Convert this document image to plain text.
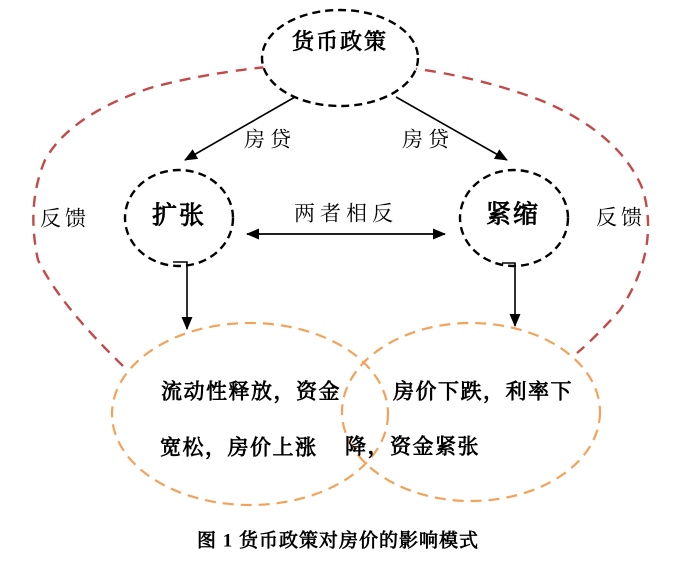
货币政策
房贷	房贷
扩张	紧缩
两者相反
反馈	反馈
流动性释放，资金
宽松，房价上涨
房价下跌，利率下
降，资金紧张
图 1 货币政策对房价的影响模式
